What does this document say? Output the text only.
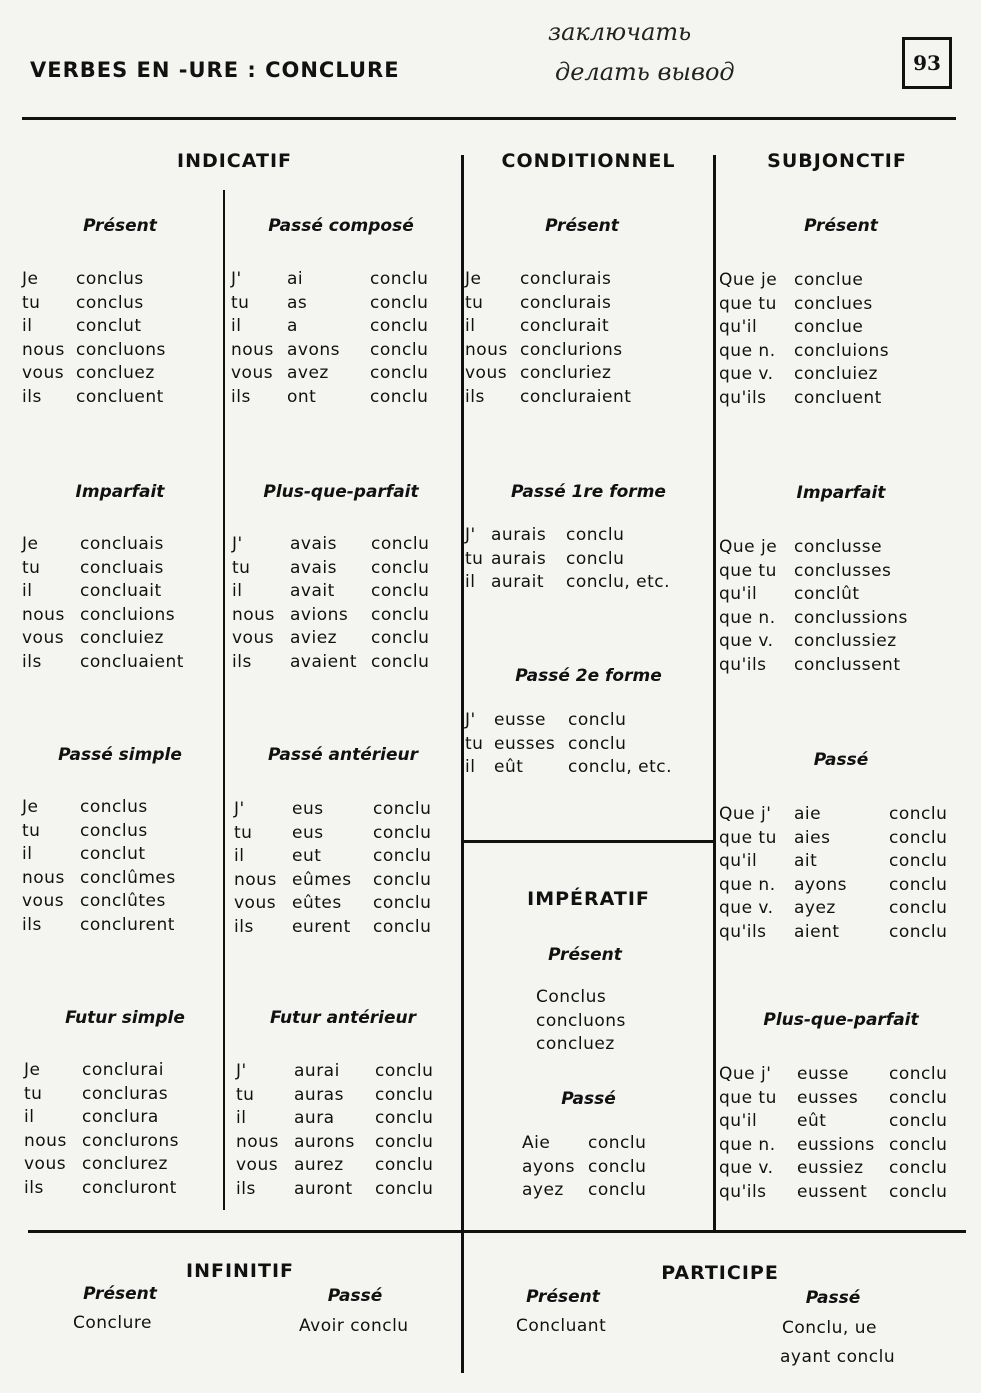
VERBES EN -URE : CONCLURE
заключать
делать вывод	93
INDICATIF	CONDITIONNEL	SUBJONCTIF
IMPÉRATIF
INFINITIF	PARTICIPE
Présent	Passé composé
Imparfait	Plus-que-parfait
Passé simple	Passé antérieur
Futur simple	Futur antérieur
Présent
Passé 1re forme
Passé 2e forme
Présent
Passé
Présent
Imparfait
Passé
Plus-que-parfait
Présent	Passé
Conclure	Avoir conclu
Présent	Passé
Concluant	Conclu, ue
ayant conclu
Je conclus
tu conclus
il	conclut
nous concluons
vous concluez
ils concluent
J'	ai	conclu
tu as	conclu
il	a	conclu
nous avons conclu
vous avez conclu
ils ont	conclu
Je concluais
tu concluais
il	concluait
nous concluions
vous concluiez
ils concluaient
J'	avais conclu
tu avais conclu
il	avait conclu
nous avions conclu
vous aviez conclu
ils avaient conclu
Je conclus
tu conclus
il	conclut
nous conclûmes
vous conclûtes
ils conclurent
J'	eus	conclu
tu eus	conclu
il	eut	conclu
nous eûmes conclu
vous eûtes conclu
ils eurent conclu
Je conclurai
tu concluras
il	conclura
nous conclurons
vous conclurez
ils concluront
J'	aurai conclu
tu auras conclu
il	aura conclu
nous aurons conclu
vous aurez conclu
ils auront conclu
Je conclurais
tu conclurais
il	conclurait
nous conclurions
vous concluriez
ils concluraient
J' aurais conclu
tu aurais conclu
il aurait conclu, etc.
J' eusse conclu
tu eusses conclu
il eût	conclu, etc.
Aie conclu
ayons conclu
ayez conclu
Que je conclue
que tu conclues
qu'il conclue
que n. concluions
que v. concluiez
qu'ils concluent
Que je conclusse
que tu conclusses
qu'il conclût
que n. conclussions
que v. conclussiez
qu'ils conclussent
Que j' aie	conclu
que tu aies	conclu
qu'il ait	conclu
que n. ayons conclu
que v. ayez	conclu
qu'ils aient	conclu
Que j' eusse conclu
que tu eusses conclu
qu'il eût	conclu
que n. eussions conclu
que v. eussiez conclu
qu'ils eussent conclu
Conclus
concluons
concluez
